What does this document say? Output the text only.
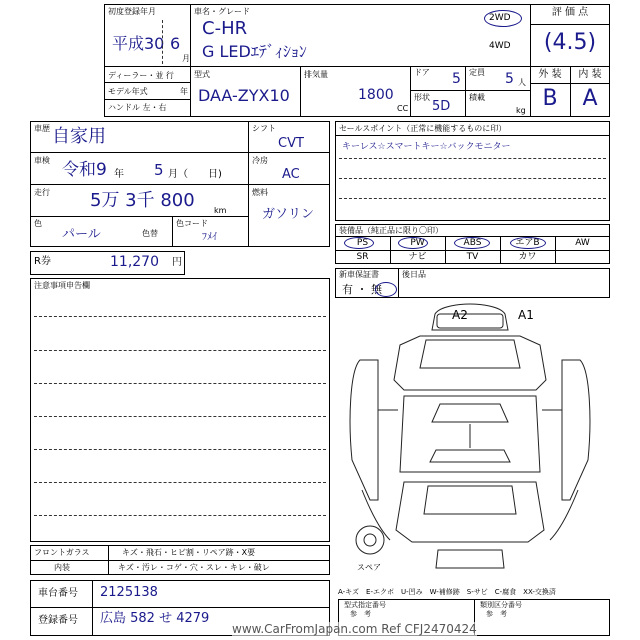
初度登録年月
平成30 6
月
車名・グレード
C-HR
G LEDｴﾃﾞｨｼｮﾝ
2WD
4WD
評 価 点
(4.5)
外 装	内 装
B	A
ディーラー・並 行
モデル年式	年
ハンドル 左・右
型式
DAA-ZYX10
排気量
1800
CC
ドア 5 定員 5 人
形状
5D
積載
kg
車歴 自家用
車検 令和9 年 5 月（　　日)
走行 5万 3千 800 km
色
パール	色替
色コード
ﾌﾒｲ
シフト
CVT
冷房
AC
燃料
ガソリン
R券	11,270 円
注意事項申告欄
セールスポイント（正常に機能するものに印）
キーレス☆スマートキー☆バックモニター
装備品（純正品に限り〇印）
PS	PW	ABS	エアB	AW
SR	ナビ	TV	カワ
新車保証書
有 ・ 無
後日品
A2	A1
スペア
フロントガラス	キズ・飛石・ヒビ割・リペア跡・X要
内装	キズ・汚レ・コゲ・穴・スレ・キレ・破レ
車台番号 2125138
登録番号 広島 582 せ 4279
A-キズ　E-エクボ　U-凹み　W-補修跡　S-サビ　C-腐食　XX-交換済
型式指定番号
参　考
類別区分番号
参　考
www.CarFromJapan.com Ref CFJ2470424
